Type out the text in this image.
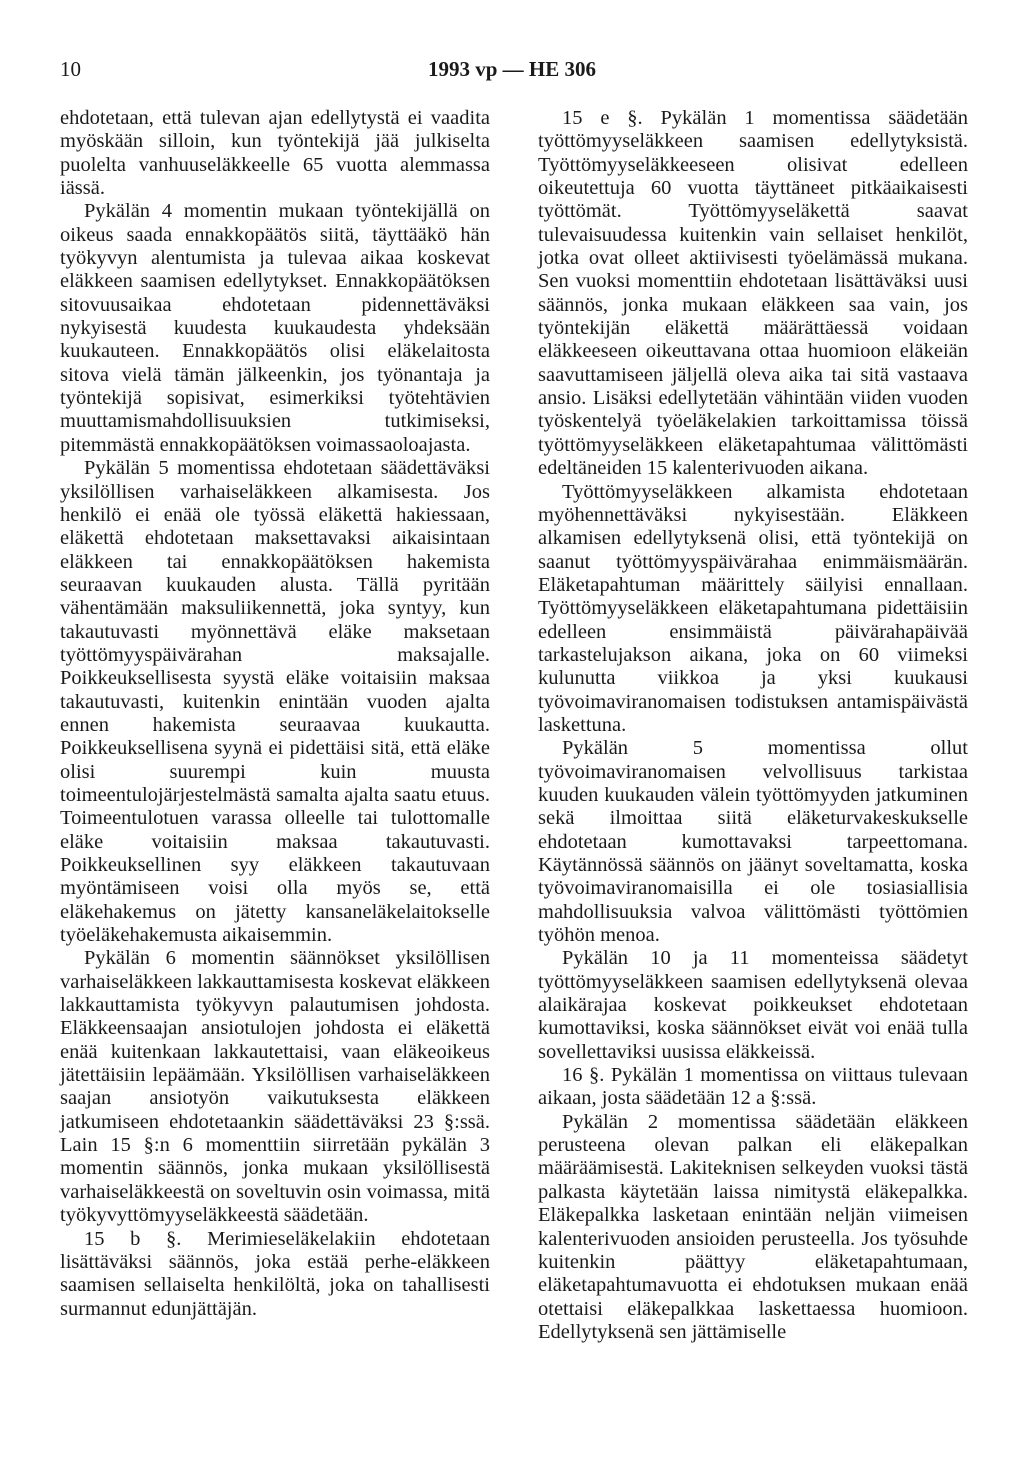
10	1993 vp — HE 306

ehdotetaan, että tulevan ajan edellytystä ei vaadita myöskään silloin, kun työntekijä jää julkiselta puolelta vanhuuseläkkeelle 65 vuotta alemmassa iässä.

Pykälän 4 momentin mukaan työntekijällä on oikeus saada ennakkopäätös siitä, täyttääkö hän työkyvyn alentumista ja tulevaa aikaa koskevat eläkkeen saamisen edellytykset. Ennakkopäätöksen sitovuusaikaa ehdotetaan pidennettäväksi nykyisestä kuudesta kuukaudesta yhdeksään kuukauteen. Ennakkopäätös olisi eläkelaitosta sitova vielä tämän jälkeenkin, jos työnantaja ja työntekijä sopisivat, esimerkiksi työtehtävien muuttamismahdollisuuksien tutkimiseksi, pitemmästä ennakkopäätöksen voimassaoloajasta.

Pykälän 5 momentissa ehdotetaan säädettäväksi yksilöllisen varhaiseläkkeen alkamisesta. Jos henkilö ei enää ole työssä eläkettä hakiessaan, eläkettä ehdotetaan maksettavaksi aikaisintaan eläkkeen tai ennakkopäätöksen hakemista seuraavan kuukauden alusta. Tällä pyritään vähentämään maksuliikennettä, joka syntyy, kun takautuvasti myönnettävä eläke maksetaan työttömyyspäivärahan maksajalle. Poikkeuksellisesta syystä eläke voitaisiin maksaa takautuvasti, kuitenkin enintään vuoden ajalta ennen hakemista seuraavaa kuukautta. Poikkeuksellisena syynä ei pidettäisi sitä, että eläke olisi suurempi kuin muusta toimeentulojärjestelmästä samalta ajalta saatu etuus. Toimeentulotuen varassa olleelle tai tulottomalle eläke voitaisiin maksaa takautuvasti. Poikkeuksellinen syy eläkkeen takautuvaan myöntämiseen voisi olla myös se, että eläkehakemus on jätetty kansaneläkelaitokselle työeläkehakemusta aikaisemmin.

Pykälän 6 momentin säännökset yksilöllisen varhaiseläkkeen lakkauttamisesta koskevat eläkkeen lakkauttamista työkyvyn palautumisen johdosta. Eläkkeensaajan ansiotulojen johdosta ei eläkettä enää kuitenkaan lakkautettaisi, vaan eläkeoikeus jätettäisiin lepäämään. Yksilöllisen varhaiseläkkeen saajan ansiotyön vaikutuksesta eläkkeen jatkumiseen ehdotetaankin säädettäväksi 23 §:ssä. Lain 15 §:n 6 momenttiin siirretään pykälän 3 momentin säännös, jonka mukaan yksilöllisestä varhaiseläkkeestä on soveltuvin osin voimassa, mitä työkyvyttömyyseläkkeestä säädetään.

15 b §. Merimieseläkelakiin ehdotetaan lisättäväksi säännös, joka estää perhe-eläkkeen saamisen sellaiselta henkilöltä, joka on tahallisesti surmannut edunjättäjän.

15 e §. Pykälän 1 momentissa säädetään työttömyyseläkkeen saamisen edellytyksistä. Työttömyyseläkkeeseen olisivat edelleen oikeutettuja 60 vuotta täyttäneet pitkäaikaisesti työttömät. Työttömyyseläkettä saavat tulevaisuudessa kuitenkin vain sellaiset henkilöt, jotka ovat olleet aktiivisesti työelämässä mukana. Sen vuoksi momenttiin ehdotetaan lisättäväksi uusi säännös, jonka mukaan eläkkeen saa vain, jos työntekijän eläkettä määrättäessä voidaan eläkkeeseen oikeuttavana ottaa huomioon eläkeiän saavuttamiseen jäljellä oleva aika tai sitä vastaava ansio. Lisäksi edellytetään vähintään viiden vuoden työskentelyä työeläkelakien tarkoittamissa töissä työttömyyseläkkeen eläketapahtumaa välittömästi edeltäneiden 15 kalenterivuoden aikana.

Työttömyyseläkkeen alkamista ehdotetaan myöhennettäväksi nykyisestään. Eläkkeen alkamisen edellytyksenä olisi, että työntekijä on saanut työttömyyspäivärahaa enimmäismäärän. Eläketapahtuman määrittely säilyisi ennallaan. Työttömyyseläkkeen eläketapahtumana pidettäisiin edelleen ensimmäistä päivärahapäivää tarkastelujakson aikana, joka on 60 viimeksi kulunutta viikkoa ja yksi kuukausi työvoimaviranomaisen todistuksen antamispäivästä laskettuna.

Pykälän 5 momentissa ollut työvoimaviranomaisen velvollisuus tarkistaa kuuden kuukauden välein työttömyyden jatkuminen sekä ilmoittaa siitä eläketurvakeskukselle ehdotetaan kumottavaksi tarpeettomana. Käytännössä säännös on jäänyt soveltamatta, koska työvoimaviranomaisilla ei ole tosiasiallisia mahdollisuuksia valvoa välittömästi työttömien työhön menoa.

Pykälän 10 ja 11 momenteissa säädetyt työttömyyseläkkeen saamisen edellytyksenä olevaa alaikärajaa koskevat poikkeukset ehdotetaan kumottaviksi, koska säännökset eivät voi enää tulla sovellettaviksi uusissa eläkkeissä.

16 §. Pykälän 1 momentissa on viittaus tulevaan aikaan, josta säädetään 12 a §:ssä.

Pykälän 2 momentissa säädetään eläkkeen perusteena olevan palkan eli eläkepalkan määräämisestä. Lakiteknisen selkeyden vuoksi tästä palkasta käytetään laissa nimitystä eläkepalkka. Eläkepalkka lasketaan enintään neljän viimeisen kalenterivuoden ansioiden perusteella. Jos työsuhde kuitenkin päättyy eläketapahtumaan, eläketapahtumavuotta ei ehdotuksen mukaan enää otettaisi eläkepalkkaa laskettaessa huomioon. Edellytyksenä sen jättämiselle
